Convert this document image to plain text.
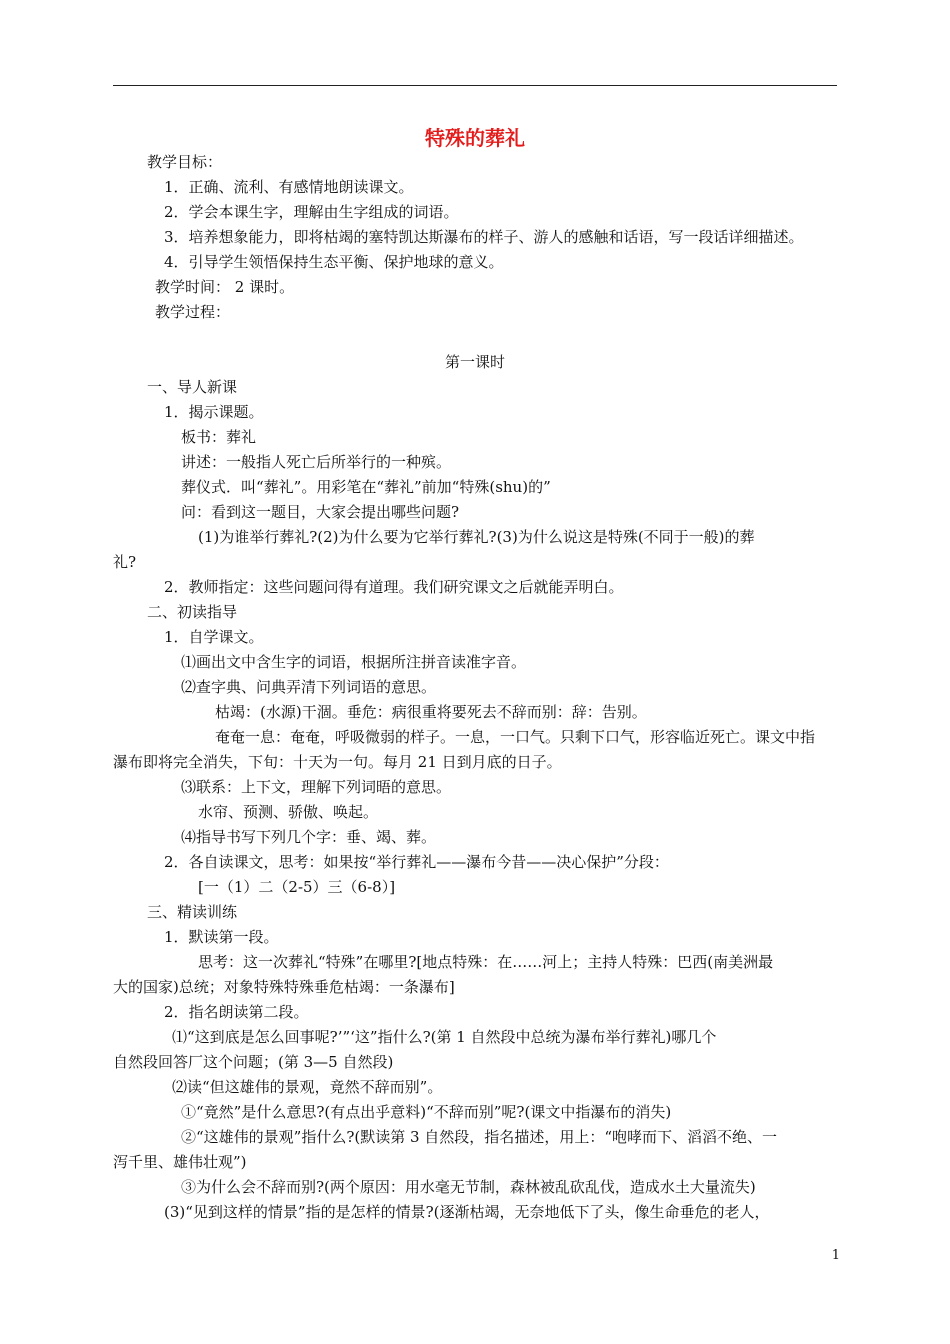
特殊的葬礼
教学目标：
1．正确、流利、有感情地朗读课文。
2．学会本课生字，理解由生字组成的词语。
3．培养想象能力，即将枯竭的塞特凯达斯瀑布的样子、游人的感触和话语，写一段话详细描述。
4．引导学生领悟保持生态平衡、保护地球的意义。
教学时间： 2 课时。
教学过程：
第一课时
一、导人新课
1．揭示课题。
板书：葬礼
讲述：一般指人死亡后所举行的一种殡。
葬仪式．叫“葬礼”。用彩笔在“葬礼”前加“特殊(shu)的”
问：看到这一题目，大家会提出哪些问题?
(1)为谁举行葬礼?(2)为什么要为它举行葬礼?(3)为什么说这是特殊(不同于一般)的葬
礼?
2．教师指定：这些问题问得有道理。我们研究课文之后就能弄明白。
二、初读指导
1．自学课文。
⑴画出文中含生字的词语，根据所注拼音读准字音。
⑵查字典、问典弄清下列词语的意思。
枯竭：(水源)干涸。垂危：病很重将要死去不辞而别：辞：告别。
奄奄一息：奄奄，呼吸微弱的样子。一息，一口气。只剩下口气，形容临近死亡。课文中指
瀑布即将完全消失，下旬：十天为一句。每月 21 日到月底的日子。
⑶联系：上下文，理解下列词晤的意思。
水帘、预测、骄傲、唤起。
⑷指导书写下列几个字：垂、竭、葬。
2．各自读课文，思考：如果按“举行葬礼——瀑布今昔——决心保护”分段：
[一（1）二（2-5）三（6-8）]
三、精读训练
1．默读第一段。
思考：这一次葬礼“特殊”在哪里?[地点特殊：在……河上；主持人特殊：巴西(南美洲最
大的国家)总统；对象特殊特殊垂危枯竭：一条瀑布]
2．指名朗读第二段。
⑴“这到底是怎么回事呢?’”‘这”指什么?(第 1 自然段中总统为瀑布举行葬礼)哪几个
自然段回答厂这个问题；(第 3—5 自然段)
⑵读“但这雄伟的景观，竟然不辞而别”。
①“竟然”是什么意思?(有点出乎意料)“不辞而别”呢?(课文中指瀑布的消失)
②“这雄伟的景观”指什么?(默读第 3 自然段，指名描述，用上：“咆哮而下、滔滔不绝、一
泻千里、雄伟壮观”)
③为什么会不辞而别?(两个原因：用水毫无节制，森林被乱砍乱伐，造成水土大量流失)
(3)“见到这样的情景”指的是怎样的情景?(逐渐枯竭，无奈地低下了头，像生命垂危的老人，
1
